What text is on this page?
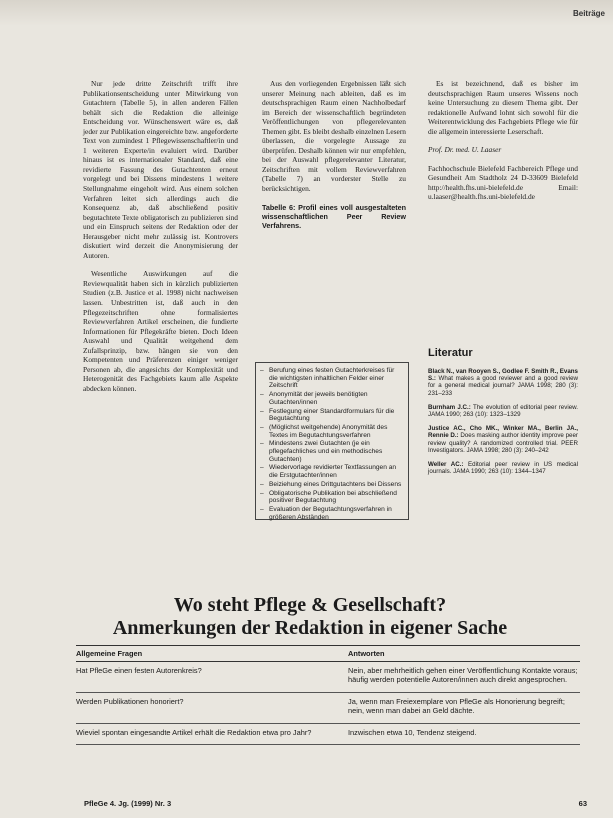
Beiträge

Nur jede dritte Zeitschrift trifft ihre Publikationsentscheidung unter Mitwirkung von Gutachtern (Tabelle 5), in allen anderen Fällen behält sich die Redaktion die alleinige Entscheidung vor. Wünschenswert wäre es, daß jeder zur Publikation eingereichte bzw. angeforderte Text von zumindest 1 Pflegewissenschaftler/in und 1 weiteren Experte/in evaluiert wird. Darüber hinaus ist es internationaler Standard, daß eine revidierte Fassung des Gutachtenten erneut vorgelegt und bei Dissens mindestens 1 weitere Stellungnahme eingeholt wird. Aus einem solchen Verfahren leitet sich allerdings auch die Konsequenz ab, daß abschließend positiv begutachtete Texte obligatorisch zu publizieren sind und ein Einspruch seitens der Redaktion oder der Herausgeber nicht mehr zulässig ist. Kontrovers diskutiert wird derzeit die Anonymisierung der Autoren.

Wesentliche Auswirkungen auf die Reviewqualität haben sich in kürzlich publizierten Studien (z.B. Justice et al. 1998) nicht nachweisen lassen. Unbestritten ist, daß auch in den Pflegezeitschriften ohne formalisiertes Reviewverfahren Artikel erscheinen, die fundierte Informationen für Pflegekräfte bieten. Doch Ideen Auswahl und Qualität weitgehend dem Zufallsprinzip, bzw. hängen sie von den Kompetenten und Präferenzen einiger weniger Personen ab, die angesichts der Komplexität und Heterogenität des Fachgebiets kaum alle Aspekte abdecken können.

Aus den vorliegenden Ergebnissen läßt sich unserer Meinung nach ableiten, daß es im deutschsprachigen Raum einen Nachholbedarf im Bereich der wissenschaftlich begründeten Veröffentlichungen von pflegerelevanten Themen gibt. Es bleibt deshalb einzelnen Lesern überlassen, die vorgelegte Aussage zu überprüfen. Deshalb können wir nur empfehlen, bei der Auswahl pflegerelevanter Literatur, Zeitschriften mit vollem Reviewverfahren (Tabelle 7) an vorderster Stelle zu berücksichtigen.

Tabelle 6: Profil eines voll ausgestalteten wissenschaftlichen Peer Review Verfahrens.

– Berufung eines festen Gutachterkreises für die wichtigsten inhaltlichen Felder einer Zeitschrift
– Anonymität der jeweils benötigten Gutachten/innen
– Festlegung einer Standardformulars für die Begutachtung
– (Möglichst weitgehende) Anonymität des Textes im Begutachtungsverfahren
– Mindestens zwei Gutachten (je ein pflegefachliches und ein methodisches Gutachten)
– Wiedervorlage revidierter Textfassungen an die Erstgutachter/innen
– Beiziehung eines Drittgutachtens bei Dissens
– Obligatorische Publikation bei abschließend positiver Begutachtung
– Evaluation der Begutachtungsverfahren in größeren Abständen

Es ist bezeichnend, daß es bisher im deutschsprachigen Raum unseres Wissens noch keine Untersuchung zu diesem Thema gibt. Der redaktionelle Aufwand lohnt sich sowohl für die Weiterentwicklung des Fachgebiets Pflege wie für die allgemein interessierte Leserschaft.

Prof. Dr. med. U. Laaser

Fachhochschule Bielefeld Fachbereich Pflege und Gesundheit Am Stadtholz 24 D-33609 Bielefeld http://health.fhs.uni-bielefeld.de Email: u.laaser@health.fhs.uni-bielefeld.de

Literatur

Black N., van Rooyen S., Godlee F. Smith R., Evans S.: What makes a good reviewer and a good review for a general medical journal? JAMA 1998; 280 (3): 231–233

Burnham J.C.: The evolution of editorial peer review. JAMA 1990; 263 (10): 1323–1329

Justice AC., Cho MK., Winker MA., Berlin JA., Rennie D.: Does masking author identity improve peer review quality? A randomized controlled trial. PEER Investigators. JAMA 1998; 280 (3): 240–242

Weller AC.: Editorial peer review in US medical journals. JAMA 1990; 263 (10): 1344–1347

Wo steht Pflege & Gesellschaft?
Anmerkungen der Redaktion in eigener Sache
Allgemeine Fragen	Antworten
Hat PflеGe einen festen Autorenkreis?	Nein, aber mehrheitlich gehen einer Veröffentlichung Kontakte voraus; häufig werden potentielle Autoren/innen auch direkt angesprochen.
Werden Publikationen honoriert?	Ja, wenn man Freiexemplare von PflеGe als Honorierung begreift; nein, wenn man dabei an Geld dächte.
Wieviel spontan eingesandte Artikel erhält die Redaktion etwa pro Jahr?	Inzwischen etwa 10, Tendenz steigend.
PflеGe 4. Jg. (1999) Nr. 3	63
